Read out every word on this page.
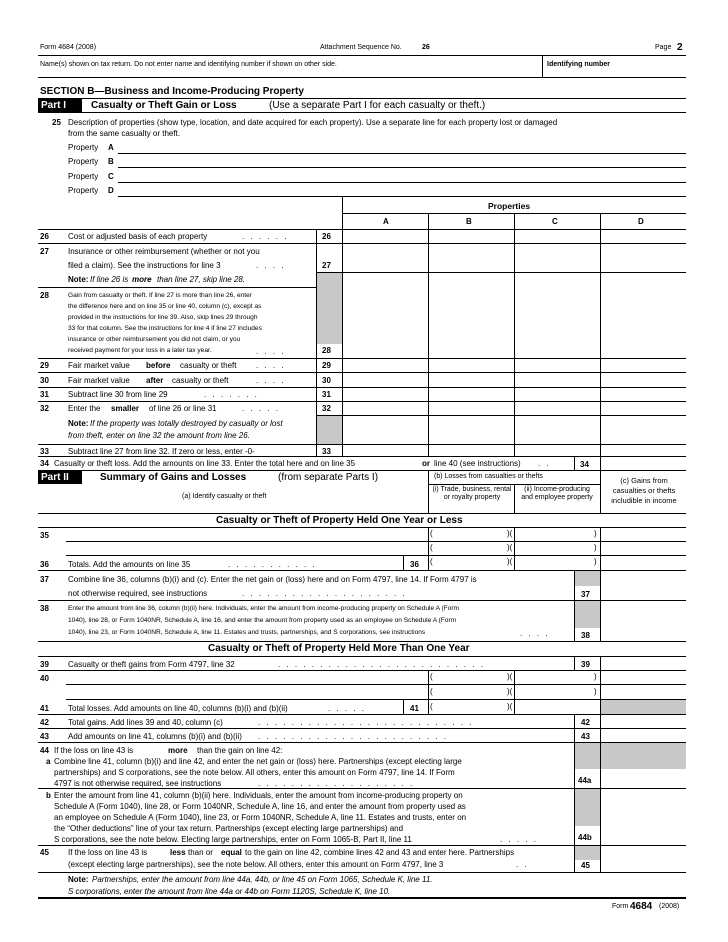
Form 4684 (2008)	Attachment Sequence No.	26	Page 2
Name(s) shown on tax return. Do not enter name and identifying number if shown on other side.	Identifying number
SECTION B—Business and Income-Producing Property
Part I Casualty or Theft Gain or Loss	(Use a separate Part I for each casualty or theft.)
25 Description of properties (show type, location, and date acquired for each property). Use a separate line for each property lost or damaged
from the same casualty or theft.
Property A
Property B
Property C
Property D
Properties
A	B	C	D
26 Cost or adjusted basis of each property	. . . . . .	26
27 Insurance or other reimbursement (whether or not you
filed a claim). See the instructions for line 3	. . . .	27
Note: If line 26 is more than line 27, skip line 28.
28	Gain from casualty or theft. If line 27 is more than line 26, enter
the difference here and on line 35 or line 40, column (c), except as
provided in the instructions for line 39. Also, skip lines 29 through
33 for that column. See the instructions for line 4 if line 27 includes
insurance or other reimbursement you did not claim, or you
received payment for your loss in a later tax year.	. . . .	28
29 Fair market value before casualty or theft . . . .	29
30 Fair market value after casualty or theft	. . . .	30
31 Subtract line 30 from line 29	. . . . . . .	31
32 Enter the smaller of line 26 or line 31	. . . . .	32
Note: If the property was totally destroyed by casualty or lost
from theft, enter on line 32 the amount from line 26.
33 Subtract line 27 from line 32. If zero or less, enter -0-	33
34 Casualty or theft loss. Add the amounts on line 33. Enter the total here and on line 35	or line 40 (see instructions) . .	34
Part II	Summary of Gains and Losses	(from separate Parts I)	(b) Losses from casualties or thefts
(i) Trade, business, rental or royalty property
(ii) Income-producing and employee property
(c) Gains from casualties or thefts includible in income
(a) Identify casualty or theft
Casualty or Theft of Property Held One Year or Less
35	(	)(	)
(	)(	)
36 Totals. Add the amounts on line 35	. . . . . . . . . . .	36 (	)(	)
37 Combine line 36, columns (b)(i) and (c). Enter the net gain or (loss) here and on Form 4797, line 14. If Form 4797 is
not otherwise required, see instructions	. . . . . . . . . . . . . . . . . . . .	37
38	Enter the amount from line 36, column (b)(ii) here. Individuals, enter the amount from income-producing property on Schedule A (Form
1040), line 28, or Form 1040NR, Schedule A, line 16, and enter the amount from property used as an employee on Schedule A (Form
1040), line 23, or Form 1040NR, Schedule A, line 11. Estates and trusts, partnerships, and S corporations, see instructions	. . . .	38
Casualty or Theft of Property Held More Than One Year
39 Casualty or theft gains from Form 4797, line 32	. . . . . . . . . . . . . . . . . . . . . . . . .	39
40	(	)(	)
(	)(	)
41 Total losses. Add amounts on line 40, columns (b)(i) and (b)(ii)	. . . . .	41 (	)(
42 Total gains. Add lines 39 and 40, column (c)	. . . . . . . . . . . . . . . . . . . . . . . . . .	42
43 Add amounts on line 41, columns (b)(i) and (b)(ii) . . . . . . . . . . . . . . . . . . . . . . .	43
44 If the loss on line 43 is	more than the gain on line 42:
a Combine line 41, column (b)(i) and line 42, and enter the net gain or (loss) here. Partnerships (except electing large
partnerships) and S corporations, see the note below. All others, enter this amount on Form 4797, line 14. If Form
4797 is not otherwise required, see instructions	. . . . . . . . . . . . . . . . . . .	44a
b Enter the amount from line 41, column (b)(ii) here. Individuals, enter the amount from income-producing property on
Schedule A (Form 1040), line 28, or Form 1040NR, Schedule A, line 16, and enter the amount from property used as
an employee on Schedule A (Form 1040), line 23, or Form 1040NR, Schedule A, line 11. Estates and trusts, enter on
the “Other deductions” line of your tax return. Partnerships (except electing large partnerships) and
S corporations, see the note below. Electing large partnerships, enter on Form 1065-B, Part II, line 11	. . . . .	44b
45 If the loss on line 43 is	less than or equal to the gain on line 42, combine lines 42 and 43 and enter here. Partnerships
(except electing large partnerships), see the note below. All others, enter this amount on Form 4797, line 3	. .	45
Note: Partnerships, enter the amount from line 44a, 44b, or line 45 on Form 1065, Schedule K, line 11.
S corporations, enter the amount from line 44a or 44b on Form 1120S, Schedule K, line 10.
Form 4684 (2008)
